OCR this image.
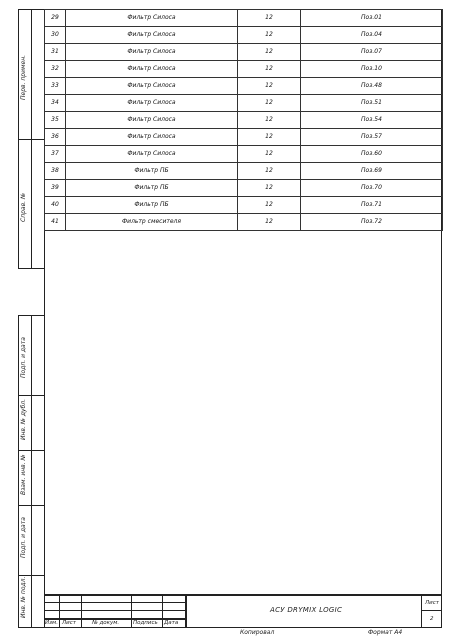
Перв. примен.
Справ. №
Подп. и дата
Инв. № дубл.
Взам. инв. №
Подп. и дата
Инв. № подл.
29	Фильтр Силоса	12	Поз.01
30	Фильтр Силоса	12	Поз.04
31	Фильтр Силоса	12	Поз.07
32	Фильтр Силоса	12	Поз.10
33	Фильтр Силоса	12	Поз.48
34	Фильтр Силоса	12	Поз.51
35	Фильтр Силоса	12	Поз.54
36	Фильтр Силоса	12	Поз.57
37	Фильтр Силоса	12	Поз.60
38	Фильтр ПБ	12	Поз.69
39	Фильтр ПБ	12	Поз.70
40	Фильтр ПБ	12	Поз.71
41	Фильтр смесителя	12	Поз.72
Изм. Лист	№ докум.	Подпись Дата
АСУ DRYMIX LOGIC
Лист
2
Копировал	Формат А4
